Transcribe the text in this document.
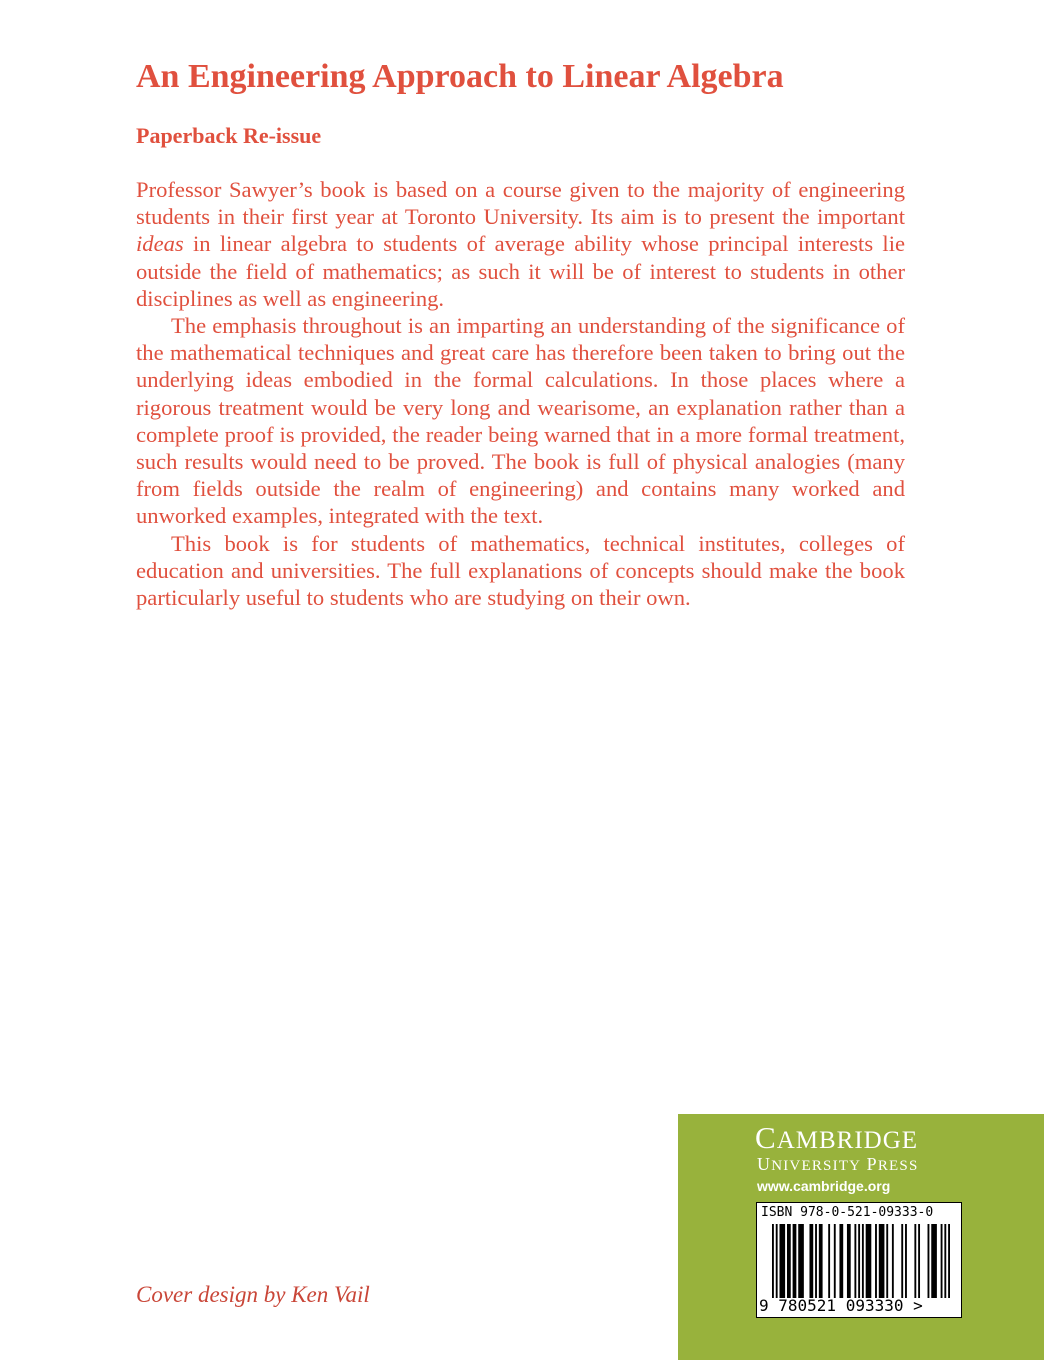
An Engineering Approach to Linear Algebra
Paperback Re-issue

Professor Sawyer’s book is based on a course given to the majority of engineering students in their first year at Toronto University. Its aim is to present the important ideas in linear algebra to students of average ability whose principal interests lie outside the field of mathematics; as such it will be of interest to students in other disciplines as well as engineering.

The emphasis throughout is an imparting an understanding of the significance of the mathematical techniques and great care has therefore been taken to bring out the underlying ideas embodied in the formal calculations. In those places where a rigorous treatment would be very long and wearisome, an explanation rather than a complete proof is provided, the reader being warned that in a more formal treatment, such results would need to be proved. The book is full of physical analogies (many from fields outside the realm of engineering) and contains many worked and unworked examples, integrated with the text.

This book is for students of mathematics, technical institutes, colleges of education and universities. The full explanations of concepts should make the book particularly useful to students who are studying on their own.

Cover design by Ken Vail
CAMBRIDGE
UNIVERSITY PRESS
www.cambridge.org
ISBN 978-0-521-09333-0
9 780521 093330 >
